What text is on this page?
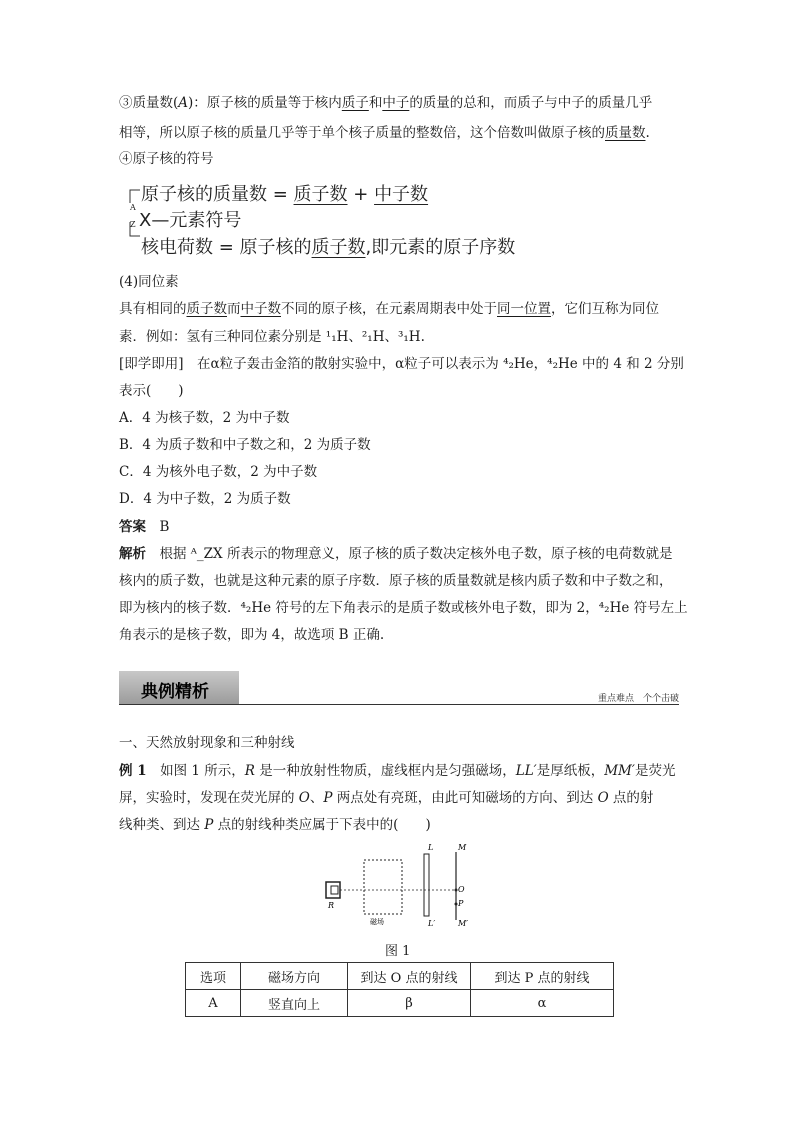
③质量数(A)：原子核的质量等于核内质子和中子的质量的总和，而质子与中子的质量几乎
相等，所以原子核的质量几乎等于单个核子质量的整数倍，这个倍数叫做原子核的质量数.
④原子核的符号
A
Z
原子核的质量数 = 质子数 + 中子数
X—元素符号
核电荷数 = 原子核的质子数,即元素的原子序数
(4)同位素
具有相同的质子数而中子数不同的原子核，在元素周期表中处于同一位置，它们互称为同位
素．例如：氢有三种同位素分别是 ¹₁H、²₁H、³₁H.
[即学即用]　在α粒子轰击金箔的散射实验中，α粒子可以表示为 ⁴₂He，⁴₂He 中的 4 和 2 分别
表示(　　)
A．4 为核子数，2 为中子数
B．4 为质子数和中子数之和，2 为质子数
C．4 为核外电子数，2 为中子数
D．4 为中子数，2 为质子数
答案　B
解析　根据 ᴬ_ZX 所表示的物理意义，原子核的质子数决定核外电子数，原子核的电荷数就是
核内的质子数，也就是这种元素的原子序数．原子核的质量数就是核内质子数和中子数之和，
即为核内的核子数．⁴₂He 符号的左下角表示的是质子数或核外电子数，即为 2，⁴₂He 符号左上
角表示的是核子数，即为 4，故选项 B 正确.
典例精析	重点难点　个个击破
一、天然放射现象和三种射线
例 1　如图 1 所示，R 是一种放射性物质，虚线框内是匀强磁场，LL′是厚纸板，MM′是荧光
屏，实验时，发现在荧光屏的 O、P 两点处有亮斑，由此可知磁场的方向、到达 O 点的射
线种类、到达 P 点的射线种类应属于下表中的(　　)
R
磁场
L
L′
M
M′
O
P
图 1
选项	磁场方向	到达 O 点的射线	到达 P 点的射线
A	竖直向上	β	α
